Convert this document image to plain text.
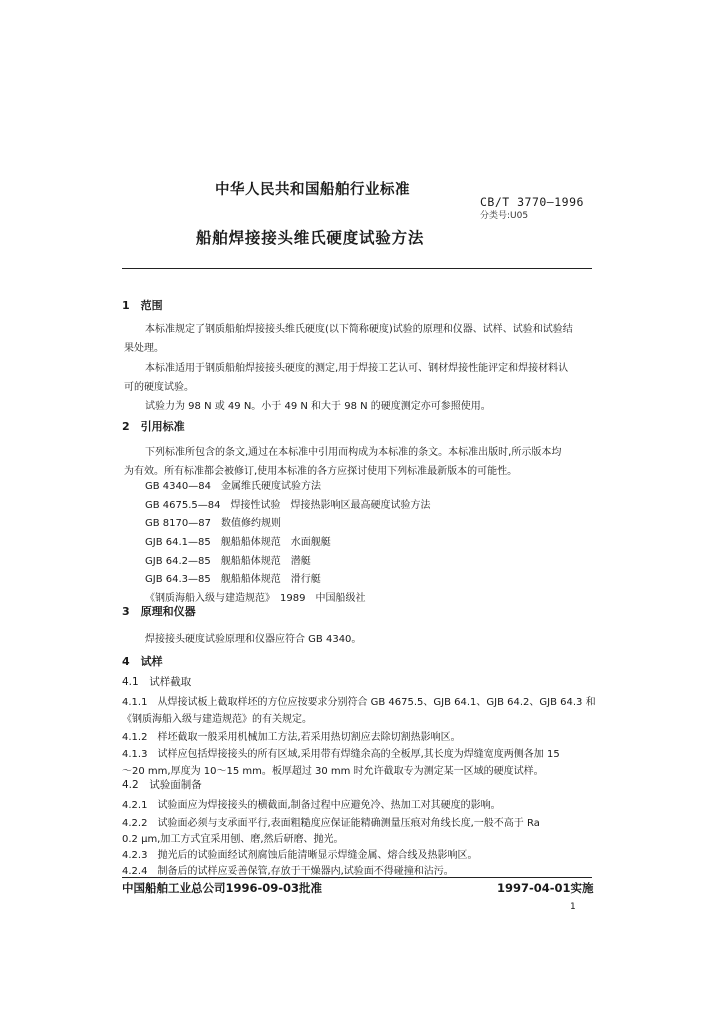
中华人民共和国船舶行业标准
CB/T 3770—1996
分类号:U05
船舶焊接接头维氏硬度试验方法
1　范围
本标准规定了钢质船舶焊接接头维氏硬度(以下简称硬度)试验的原理和仪器、试样、试验和试验结
果处理。
本标准适用于钢质船舶焊接接头硬度的测定,用于焊接工艺认可、钢材焊接性能评定和焊接材料认
可的硬度试验。
试验力为 98 N 或 49 N。小于 49 N 和大于 98 N 的硬度测定亦可参照使用。
2　引用标准
下列标准所包含的条文,通过在本标准中引用而构成为本标准的条文。本标准出版时,所示版本均
为有效。所有标准都会被修订,使用本标准的各方应探讨使用下列标准最新版本的可能性。
GB 4340—84　金属维氏硬度试验方法
GB 4675.5—84　焊接性试验　焊接热影响区最高硬度试验方法
GB 8170—87　数值修约规则
GJB 64.1—85　舰船船体规范　水面舰艇
GJB 64.2—85　舰船船体规范　潜艇
GJB 64.3—85　舰船船体规范　滑行艇
《钢质海船入级与建造规范》　1989　中国船级社
3　原理和仪器
焊接接头硬度试验原理和仪器应符合 GB 4340。
4　试样
4.1　试样截取
4.1.1　从焊接试板上截取样坯的方位应按要求分别符合 GB 4675.5、GJB 64.1、GJB 64.2、GJB 64.3 和
《钢质海船入级与建造规范》的有关规定。
4.1.2　样坯截取一般采用机械加工方法,若采用热切割应去除切割热影响区。
4.1.3　试样应包括焊接接头的所有区域,采用带有焊缝余高的全板厚,其长度为焊缝宽度两侧各加 15
～20 mm,厚度为 10～15 mm。板厚超过 30 mm 时允许截取专为测定某一区域的硬度试样。
4.2　试验面制备
4.2.1　试验面应为焊接接头的横截面,制备过程中应避免冷、热加工对其硬度的影响。
4.2.2　试验面必须与支承面平行,表面粗糙度应保证能精确测量压痕对角线长度,一般不高于 Ra
0.2 μm,加工方式宜采用刨、磨,然后研磨、抛光。
4.2.3　抛光后的试验面经试剂腐蚀后能清晰显示焊缝金属、熔合线及热影响区。
4.2.4　制备后的试样应妥善保管,存放于干燥器内,试验面不得碰撞和沾污。
中国船舶工业总公司1996-09-03批准	1997-04-01实施
1
